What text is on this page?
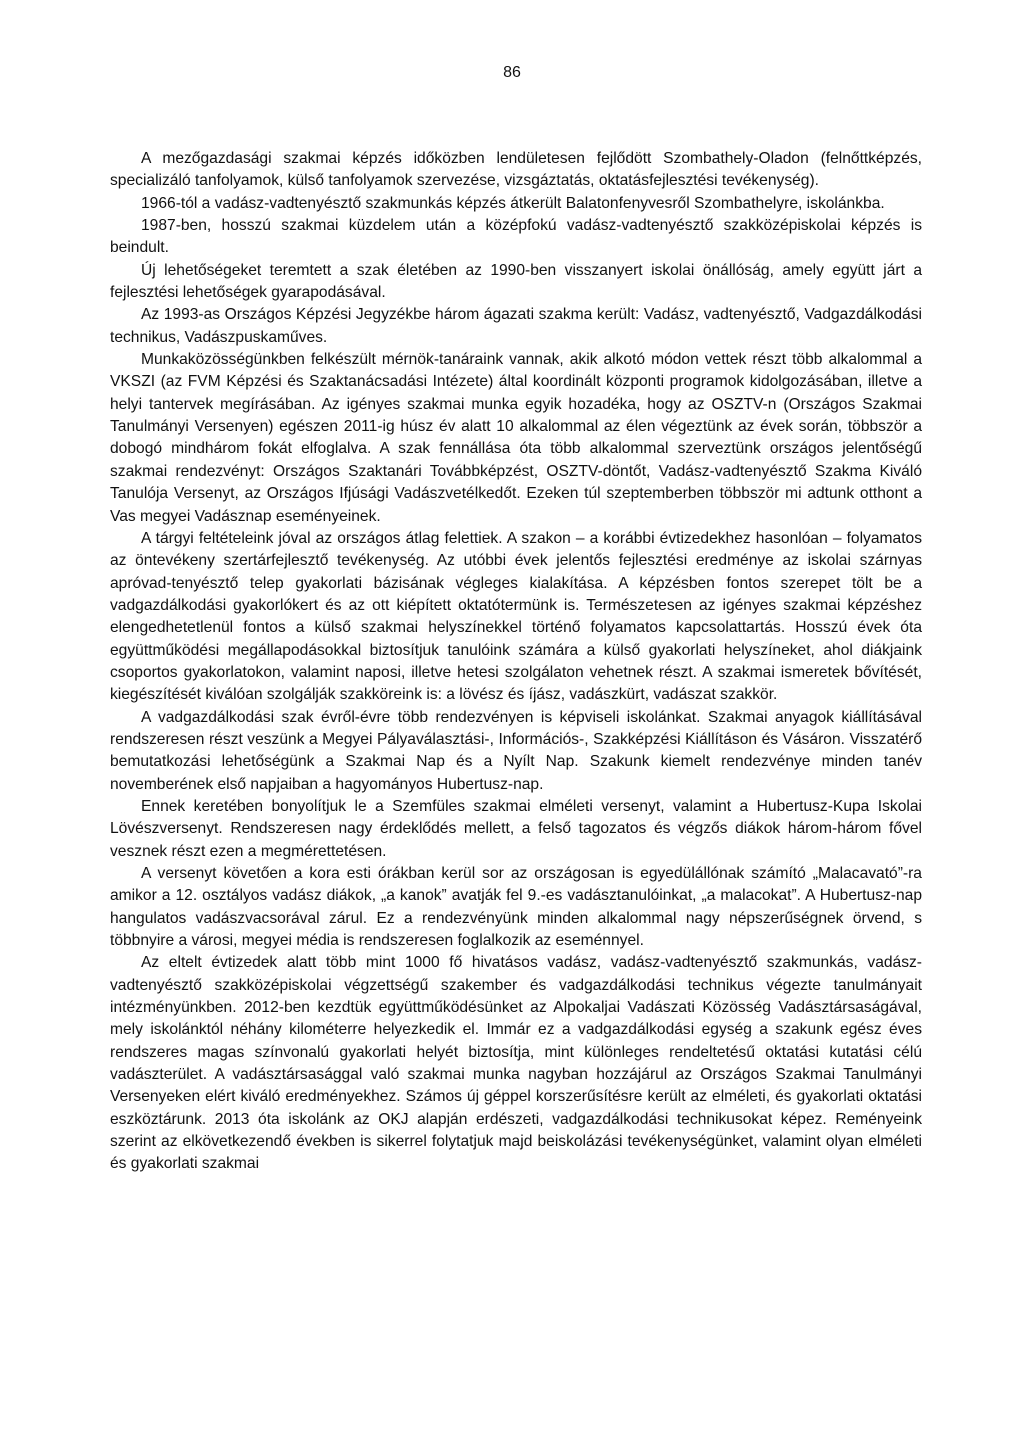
86

A mezőgazdasági szakmai képzés időközben lendületesen fejlődött Szombathely-Oladon (felnőttképzés, specializáló tanfolyamok, külső tanfolyamok szervezése, vizsgáztatás, oktatásfejlesztési tevékenység).

1966-tól a vadász-vadtenyésztő szakmunkás képzés átkerült Balatonfenyvesről Szombathelyre, iskolánkba.

1987-ben, hosszú szakmai küzdelem után a középfokú vadász-vadtenyésztő szakközépiskolai képzés is beindult.

Új lehetőségeket teremtett a szak életében az 1990-ben visszanyert iskolai önállóság, amely együtt járt a fejlesztési lehetőségek gyarapodásával.

Az 1993-as Országos Képzési Jegyzékbe három ágazati szakma került: Vadász, vadtenyésztő, Vadgazdálkodási technikus, Vadászpuskaműves.

Munkaközösségünkben felkészült mérnök-tanáraink vannak, akik alkotó módon vettek részt több alkalommal a VKSZI (az FVM Képzési és Szaktanácsadási Intézete) által koordinált központi programok kidolgozásában, illetve a helyi tantervek megírásában. Az igényes szakmai munka egyik hozadéka, hogy az OSZTV-n (Országos Szakmai Tanulmányi Versenyen) egészen 2011-ig húsz év alatt 10 alkalommal az élen végeztünk az évek során, többször a dobogó mindhárom fokát elfoglalva. A szak fennállása óta több alkalommal szerveztünk országos jelentőségű szakmai rendezvényt: Országos Szaktanári Továbbképzést, OSZTV-döntőt, Vadász-vadtenyésztő Szakma Kiváló Tanulója Versenyt, az Országos Ifjúsági Vadászvetélkedőt. Ezeken túl szeptemberben többször mi adtunk otthont a Vas megyei Vadásznap eseményeinek.

A tárgyi feltételeink jóval az országos átlag felettiek. A szakon – a korábbi évtizedekhez hasonlóan – folyamatos az öntevékeny szertárfejlesztő tevékenység. Az utóbbi évek jelentős fejlesztési eredménye az iskolai szárnyas apróvad-tenyésztő telep gyakorlati bázisának végleges kialakítása. A képzésben fontos szerepet tölt be a vadgazdálkodási gyakorlókert és az ott kiépített oktatótermünk is. Természetesen az igényes szakmai képzéshez elengedhetetlenül fontos a külső szakmai helyszínekkel történő folyamatos kapcsolattartás. Hosszú évek óta együttműködési megállapodásokkal biztosítjuk tanulóink számára a külső gyakorlati helyszíneket, ahol diákjaink csoportos gyakorlatokon, valamint naposi, illetve hetesi szolgálaton vehetnek részt. A szakmai ismeretek bővítését, kiegészítését kiválóan szolgálják szakköreink is: a lövész és íjász, vadászkürt, vadászat szakkör.

A vadgazdálkodási szak évről-évre több rendezvényen is képviseli iskolánkat. Szakmai anyagok kiállításával rendszeresen részt veszünk a Megyei Pályaválasztási-, Információs-, Szakképzési Kiállításon és Vásáron. Visszatérő bemutatkozási lehetőségünk a Szakmai Nap és a Nyílt Nap. Szakunk kiemelt rendezvénye minden tanév novemberének első napjaiban a hagyományos Hubertusz-nap.

Ennek keretében bonyolítjuk le a Szemfüles szakmai elméleti versenyt, valamint a Hubertusz-Kupa Iskolai Lövészversenyt. Rendszeresen nagy érdeklődés mellett, a felső tagozatos és végzős diákok három-három fővel vesznek részt ezen a megmérettetésen.

A versenyt követően a kora esti órákban kerül sor az országosan is egyedülállónak számító „Malacavató”-ra amikor a 12. osztályos vadász diákok, „a kanok” avatják fel 9.-es vadásztanulóinkat, „a malacokat”. A Hubertusz-nap hangulatos vadászvacsorával zárul. Ez a rendezvényünk minden alkalommal nagy népszerűségnek örvend, s többnyire a városi, megyei média is rendszeresen foglalkozik az eseménnyel.

Az eltelt évtizedek alatt több mint 1000 fő hivatásos vadász, vadász-vadtenyésztő szakmunkás, vadász-vadtenyésztő szakközépiskolai végzettségű szakember és vadgazdálkodási technikus végezte tanulmányait intézményünkben. 2012-ben kezdtük együttműködésünket az Alpokaljai Vadászati Közösség Vadásztársaságával, mely iskolánktól néhány kilométerre helyezkedik el. Immár ez a vadgazdálkodási egység a szakunk egész éves rendszeres magas színvonalú gyakorlati helyét biztosítja, mint különleges rendeltetésű oktatási kutatási célú vadászterület. A vadásztársasággal való szakmai munka nagyban hozzájárul az Országos Szakmai Tanulmányi Versenyeken elért kiváló eredményekhez. Számos új géppel korszerűsítésre került az elméleti, és gyakorlati oktatási eszköztárunk. 2013 óta iskolánk az OKJ alapján erdészeti, vadgazdálkodási technikusokat képez. Reményeink szerint az elkövetkezendő években is sikerrel folytatjuk majd beiskolázási tevékenységünket, valamint olyan elméleti és gyakorlati szakmai
